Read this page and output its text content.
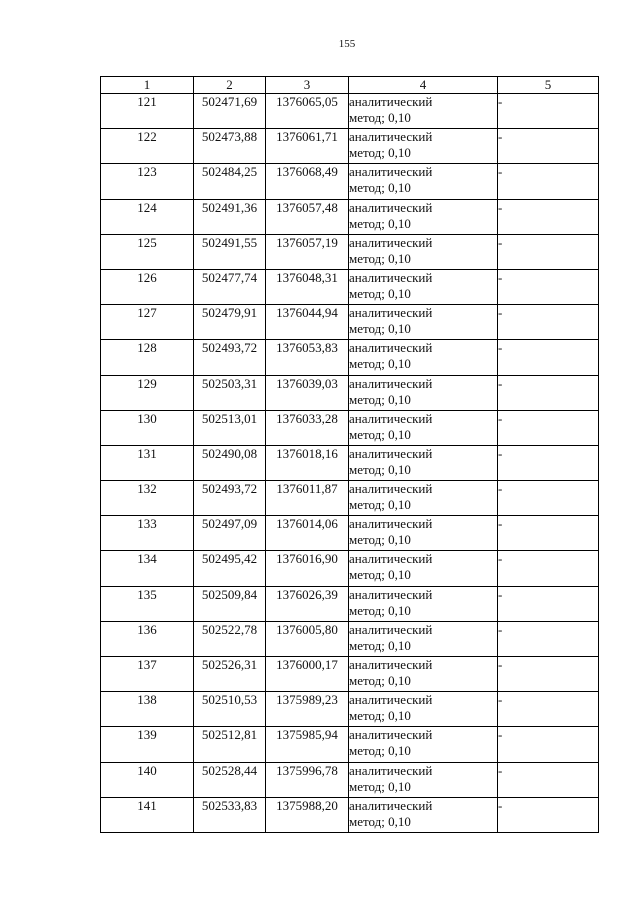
155
1	2	3	4	5
121	502471,69	1376065,05	аналитический
метод; 0,10	-
122	502473,88	1376061,71	аналитический
метод; 0,10	-
123	502484,25	1376068,49	аналитический
метод; 0,10	-
124	502491,36	1376057,48	аналитический
метод; 0,10	-
125	502491,55	1376057,19	аналитический
метод; 0,10	-
126	502477,74	1376048,31	аналитический
метод; 0,10	-
127	502479,91	1376044,94	аналитический
метод; 0,10	-
128	502493,72	1376053,83	аналитический
метод; 0,10	-
129	502503,31	1376039,03	аналитический
метод; 0,10	-
130	502513,01	1376033,28	аналитический
метод; 0,10	-
131	502490,08	1376018,16	аналитический
метод; 0,10	-
132	502493,72	1376011,87	аналитический
метод; 0,10	-
133	502497,09	1376014,06	аналитический
метод; 0,10	-
134	502495,42	1376016,90	аналитический
метод; 0,10	-
135	502509,84	1376026,39	аналитический
метод; 0,10	-
136	502522,78	1376005,80	аналитический
метод; 0,10	-
137	502526,31	1376000,17	аналитический
метод; 0,10	-
138	502510,53	1375989,23	аналитический
метод; 0,10	-
139	502512,81	1375985,94	аналитический
метод; 0,10	-
140	502528,44	1375996,78	аналитический
метод; 0,10	-
141	502533,83	1375988,20	аналитический
метод; 0,10	-
